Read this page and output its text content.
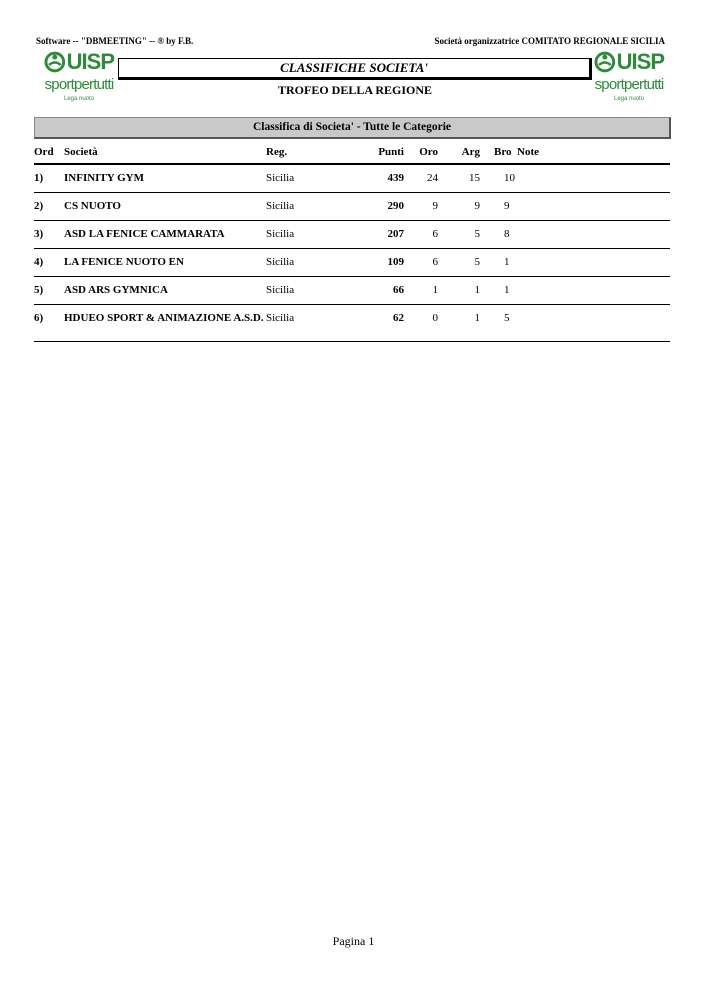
Software -- "DBMEETING" -- ® by F.B.	Società organizzatrice COMITATO REGIONALE SICILIA
UISP
sportpertutti
Lega nuoto
UISP
sportpertutti
Lega nuoto
CLASSIFICHE SOCIETA'
TROFEO DELLA REGIONE
Classifica di Societa' - Tutte le Categorie
Ord Società	Reg.	Punti	Oro	Arg Bro Note
1)	INFINITY GYM	Sicilia	439	24	15 10
2)	CS NUOTO	Sicilia	290	9	9 9
3)	ASD LA FENICE CAMMARATA	Sicilia	207	6	5 8
4)	LA FENICE NUOTO EN	Sicilia	109	6	5 1
5)	ASD ARS GYMNICA	Sicilia	66	1	1 1
6)	HDUEO SPORT & ANIMAZIONE A.S.D. Sicilia	62	0	1 5
Pagina 1
